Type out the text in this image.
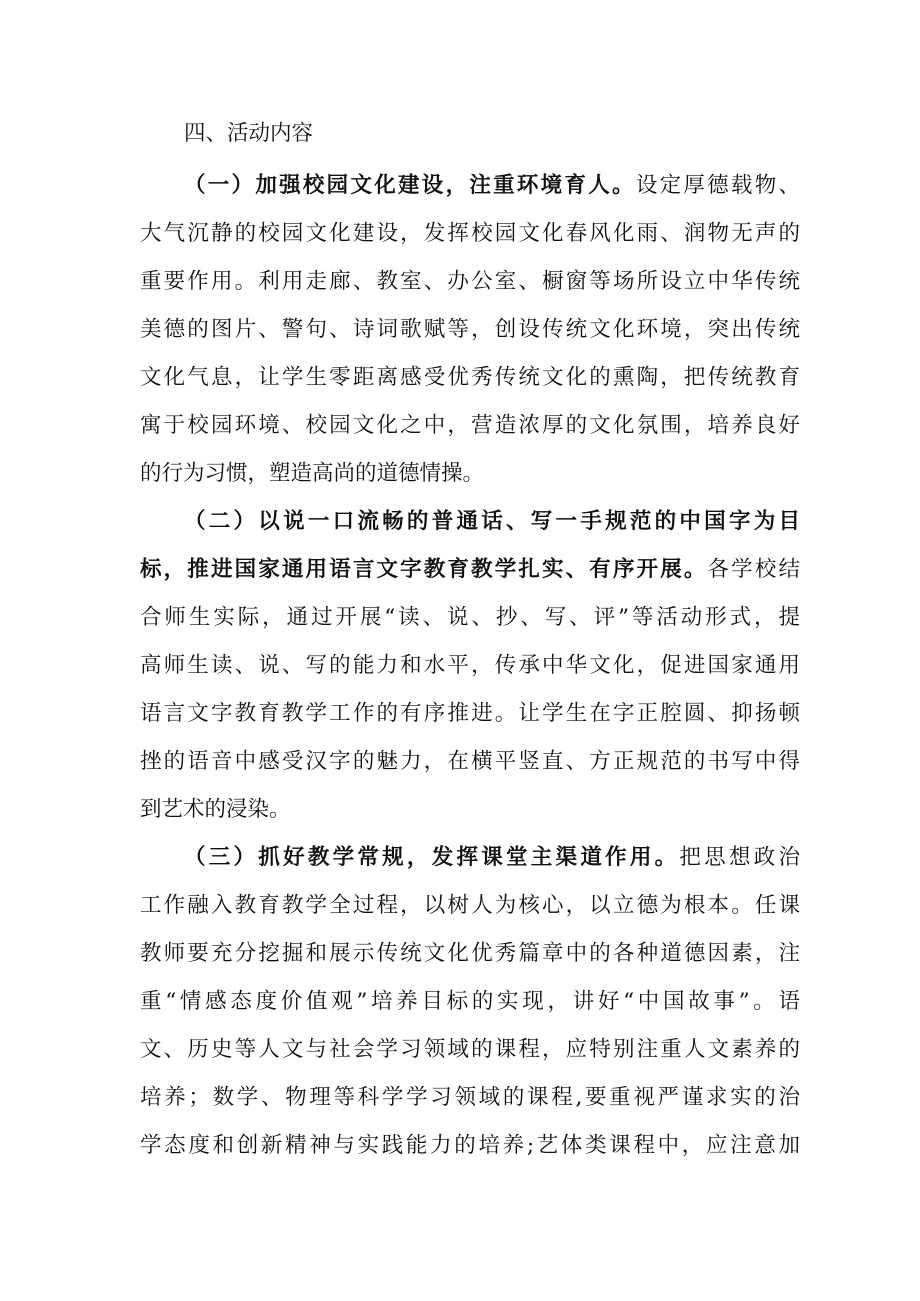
四、活动内容
（一）加强校园文化建设，注重环境育人。设定厚德载物、
大气沉静的校园文化建设，发挥校园文化春风化雨、润物无声的
重要作用。利用走廊、教室、办公室、橱窗等场所设立中华传统
美德的图片、警句、诗词歌赋等，创设传统文化环境，突出传统
文化气息，让学生零距离感受优秀传统文化的熏陶，把传统教育
寓于校园环境、校园文化之中，营造浓厚的文化氛围，培养良好
的行为习惯，塑造高尚的道德情操。
（二）以说一口流畅的普通话、写一手规范的中国字为目
标，推进国家通用语言文字教育教学扎实、有序开展。各学校结
合师生实际，通过开展“读、说、抄、写、评”等活动形式，提
高师生读、说、写的能力和水平，传承中华文化，促进国家通用
语言文字教育教学工作的有序推进。让学生在字正腔圆、抑扬顿
挫的语音中感受汉字的魅力，在横平竖直、方正规范的书写中得
到艺术的浸染。
（三）抓好教学常规，发挥课堂主渠道作用。把思想政治
工作融入教育教学全过程，以树人为核心，以立德为根本。任课
教师要充分挖掘和展示传统文化优秀篇章中的各种道德因素，注
重“情感态度价值观”培养目标的实现，讲好“中国故事”。语
文、历史等人文与社会学习领域的课程，应特别注重人文素养的
培养；数学、物理等科学学习领域的课程,要重视严谨求实的治
学态度和创新精神与实践能力的培养;艺体类课程中，应注意加
